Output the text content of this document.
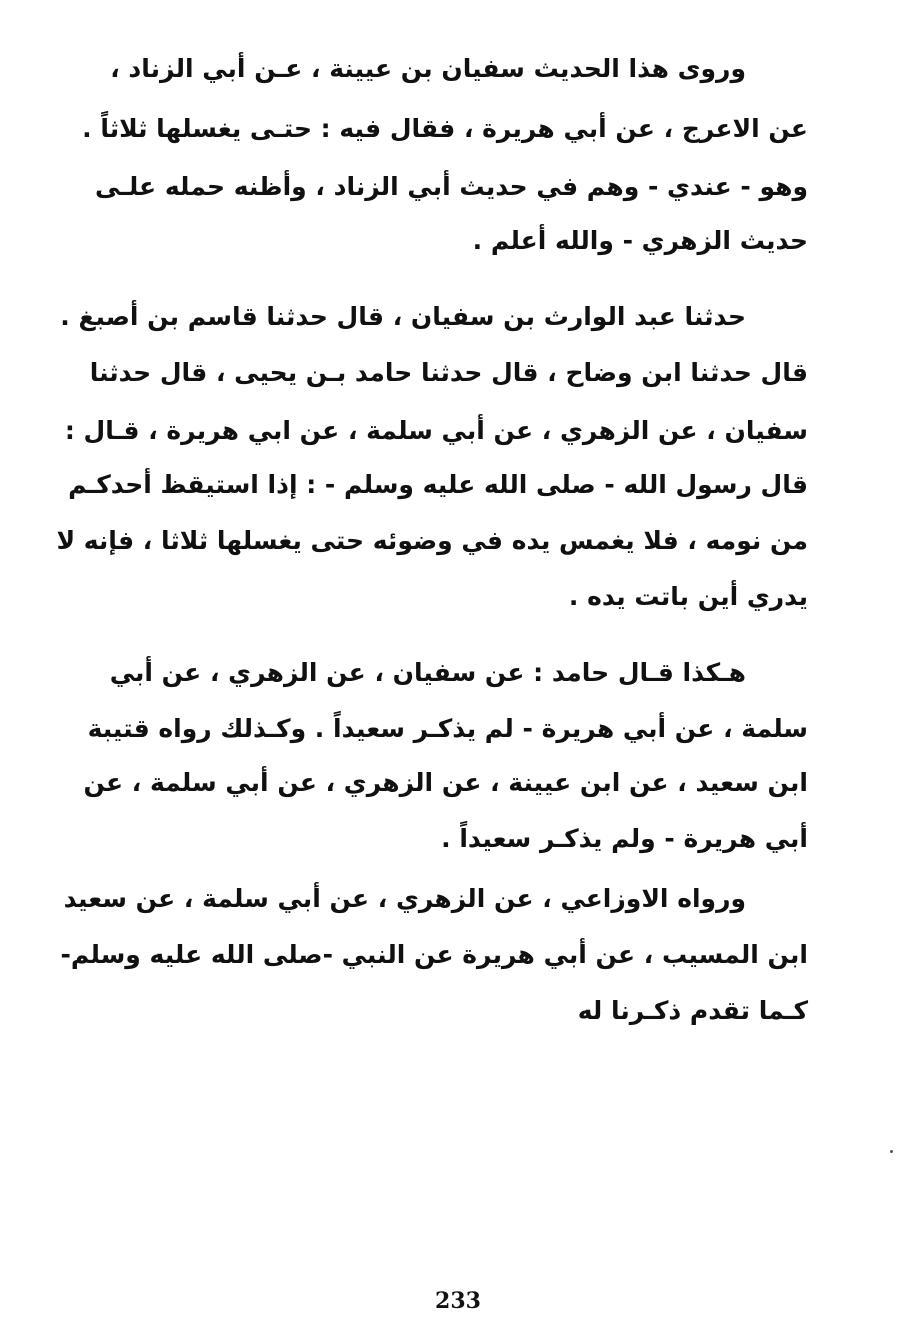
وروى هذا الحديث سفيان بن عيينة ، عـن أبي الزناد ،
عن الاعرج ، عن أبي هريرة ، فقال فيه : حتـى يغسلها ثلاثاً .
وهو - عندي - وهم في حديث أبي الزناد ، وأظنه حمله علـى
حديث الزهري - والله أعلم .
حدثنا عبد الوارث بن سفيان ، قال حدثنا قاسم بن أصبغ .
قال حدثنا ابن وضاح ، قال حدثنا حامد بـن يحيى ، قال حدثنا
سفيان ، عن الزهري ، عن أبي سلمة ، عن ابي هريرة ، قـال :
قال رسول الله - صلى الله عليه وسلم - : إذا استيقظ أحدكـم
من نومه ، فلا يغمس يده في وضوئه حتى يغسلها ثلاثا ، فإنه لا
يدري أين باتت يده .
هـكذا قـال حامد : عن سفيان ، عن الزهري ، عن أبي
سلمة ، عن أبي هريرة - لم يذكـر سعيداً . وكـذلك رواه قتيبة
ابن سعيد ، عن ابن عيينة ، عن الزهري ، عن أبي سلمة ، عن
أبي هريرة - ولم يذكـر سعيداً .
ورواه الاوزاعي ، عن الزهري ، عن أبي سلمة ، عن سعيد
ابن المسيب ، عن أبي هريرة عن النبي -صلى الله عليه وسلم-
كـما تقدم ذكـرنا له
233
